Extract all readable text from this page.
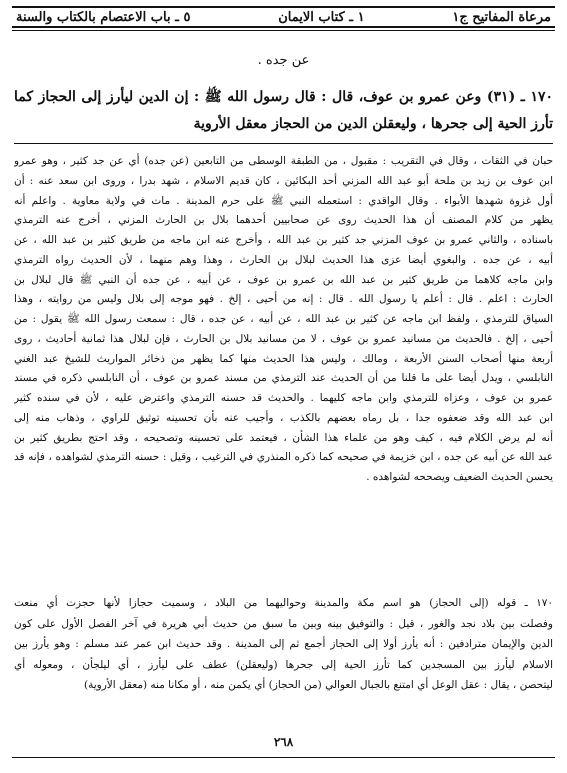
مرعاة المفاتيح ج١
١ ـ كتاب الايمان
٥ ـ باب الاعتصام بالكتاب والسنة
عن جده .
١٧٠ ـ (٣١) وعن عمرو بن عوف، قال : قال رسول الله ﷺ : إن الدين ليأرز إلى الحجاز كما
تأرز الحية إلى جحرها ، وليعقلن الدين من الحجاز معقل الأروية
حبان في الثقات ، وقال في التقريب : مقبول ، من الطبقة الوسطى من التابعين (عن جده) أي عن جد كثير ، وهو عمرو
ابن عوف بن زيد بن ملحة أبو عبد الله المزني أحد البكائين ، كان قديم الاسلام ، شهد بدرا ، وروى ابن سعد عنه : أن
أول غزوة شهدها الأبواء . وقال الواقدي : استعمله النبي ﷺ على حرم المدينة . مات في ولاية معاوية . واعلم أنه
يظهر من كلام المصنف أن هذا الحديث روى عن صحابيين أحدهما بلال بن الحارث المزني ، أخرج عنه الترمذي
باسناده ، والثاني عمرو بن عوف المزني جد كثير بن عبد الله ، وأخرج عنه ابن ماجه من طريق كثير بن عبد الله ، عن
أبيه ، عن جده . والبغوي أيضا عزى هذا الحديث لبلال بن الحارث ، وهذا وهم منهما ، لأن الحديث رواه الترمذي
وابن ماجه كلاهما من طريق كثير بن عبد الله بن عمرو بن عوف ، عن أبيه ، عن جده أن النبي ﷺ قال لبلال بن
الحارث : اعلم . قال : أعلم يا رسول الله . قال : إنه من أحيى ، إلخ . فهو موجه إلى بلال وليس من روايته ، وهذا
السياق للترمذي ، ولفظ ابن ماجه عن كثير بن عبد الله ، عن أبيه ، عن جده ، قال : سمعت رسول الله ﷺ يقول : من
أحيى ، إلخ . فالحديث من مسانيد عمرو بن عوف ، لا من مسانيد بلال بن الحارث ، فإن لبلال هذا ثمانية أحاديث ، روى
أربعة منها أصحاب السنن الأربعة ، ومالك ، وليس هذا الحديث منها كما يظهر من ذخائر المواريث للشيخ عبد الغني
النابلسي ، ويدل أيضا على ما قلنا من أن الحديث عند الترمذي من مسند عمرو بن عوف ، أن النابلسي ذكره في مسند
عمرو بن عوف ، وعزاه للترمذي وابن ماجه كليهما . والحديث قد حسنه الترمذي واعترض عليه ، لأن في سنده كثير
ابن عبد الله وقد ضعفوه جدا ، بل رماه بعضهم بالكذب ، وأجيب عنه بأن تحسينه توثيق للراوي ، وذهاب منه إلى
أنه لم يرض الكلام فيه ، كيف وهو من علماء هذا الشأن ، فيعتمد على تحسينه وتصحيحه ، وقد احتج بطريق كثير بن
عبد الله عن أبيه عن جده ، ابن خزيمة في صحيحه كما ذكره المنذري في الترغيب ، وقيل : حسنه الترمذي لشواهده ، فإنه قد
يحسن الحديث الضعيف ويصححه لشواهده .
١٧٠ ـ قوله (إلى الحجاز) هو اسم مكة والمدينة وحواليهما من البلاد ، وسميت حجازا لأنها حجزت أي منعت
وفصلت بين بلاد نجد والغور ، قيل : والتوفيق بينه وبين ما سبق من حديث أبي هريرة في آخر الفصل الأول على كون
الدين والإيمان مترادفين : أنه يأرز أولا إلى الحجاز أجمع ثم إلى المدينة . وقد حديث ابن عمر عند مسلم : وهو يأرز بين
الاسلام ليأرز بين المسجدين كما تأرز الحية إلى جحرها (وليعقلن) عطف على ليأرز ، أي ليلجأن ، ومعوله أي
ليتحصن ، يقال : عقل الوعل أي امتنع بالجبال العوالي (من الحجاز) أي يكمن منه ، أو مكانا منه (معقل الأروية)
٢٦٨
